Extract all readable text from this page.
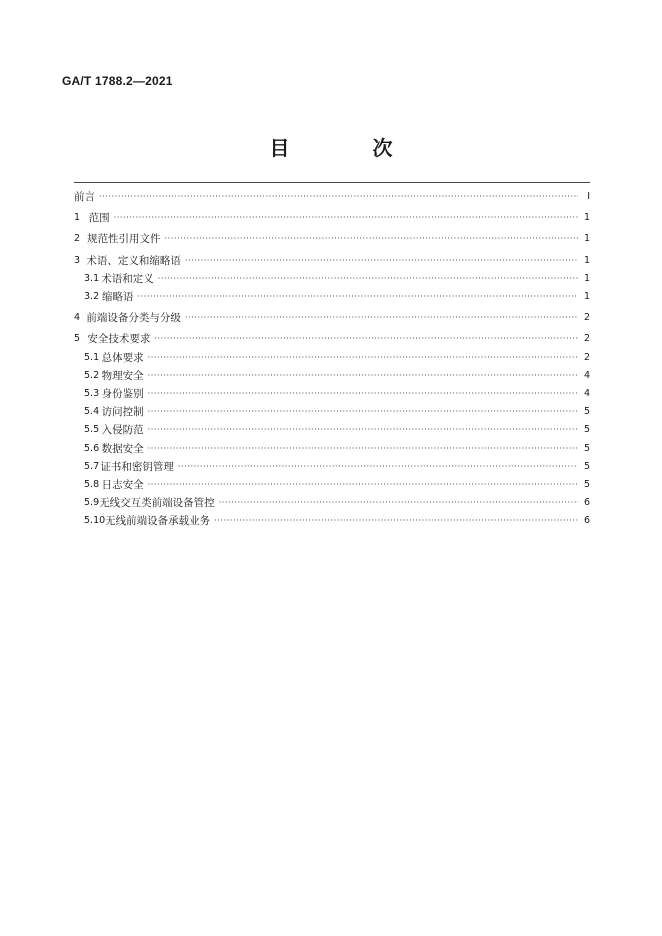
GA/T 1788.2—2021
目 次
前言 ·····	Ⅰ
1 范围 ·····	1
2 规范性引用文件 ·····	1
3 术语、定义和缩略语 ·····	1
3.1 术语和定义 ·····	1
3.2 缩略语 ·····	1
4 前端设备分类与分级 ·····	2
5 安全技术要求 ·····	2
5.1 总体要求 ·····	2
5.2 物理安全 ·····	4
5.3 身份鉴别 ·····	4
5.4 访问控制 ·····	5
5.5 入侵防范 ·····	5
5.6 数据安全 ·····	5
5.7 证书和密钥管理 ·····	5
5.8 日志安全 ·····	5
5.9 无线交互类前端设备管控 ·····	6
5.10 无线前端设备承载业务 ·····	6
